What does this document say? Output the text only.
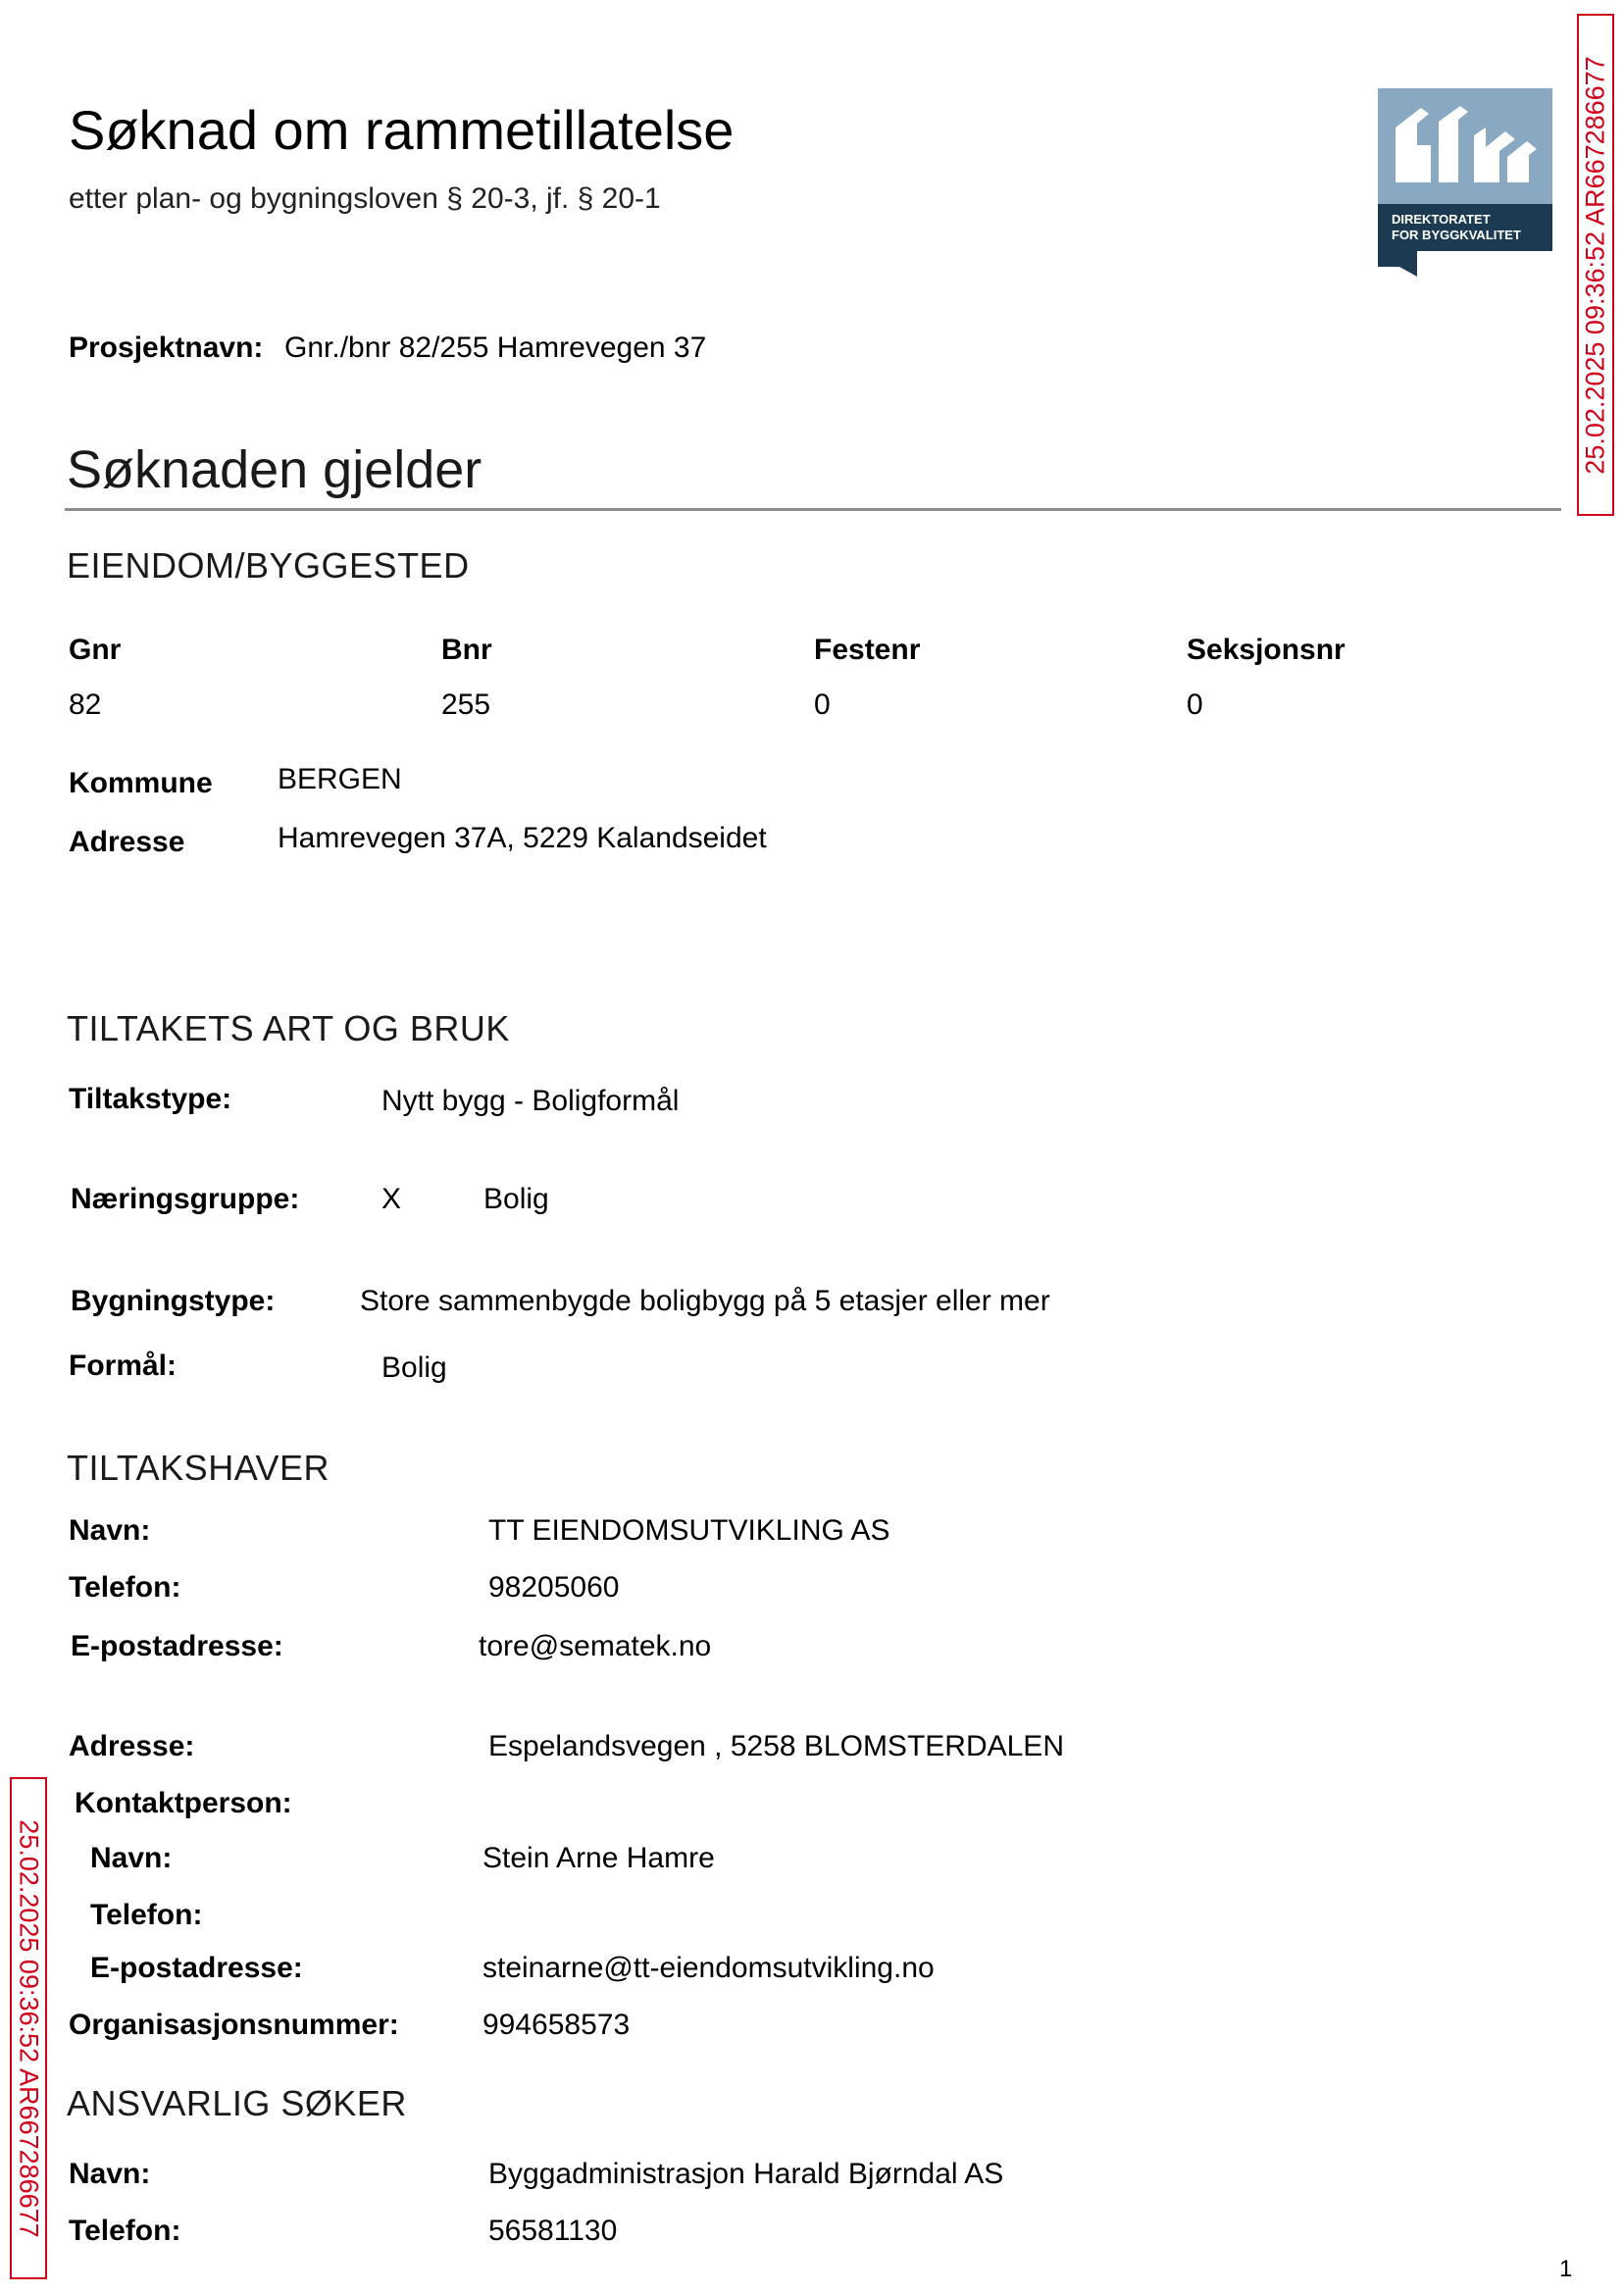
Søknad om rammetillatelse
etter plan- og bygningsloven § 20-3, jf. § 20-1
Prosjektnavn: Gnr./bnr 82/255 Hamrevegen 37
DIREKTORATET
FOR BYGGKVALITET 25.02.2025 09:36:52 AR667286677
25.02.2025 09:36:52 AR667286677
Søknaden gjelder
EIENDOM/BYGGESTED
Gnr	Bnr	Festenr	Seksjonsnr
82	255	0	0
Kommune BERGEN
Adresse	Hamrevegen 37A, 5229 Kalandseidet
TILTAKETS ART OG BRUK
Tiltakstype:	Nytt bygg - Boligformål
Næringsgruppe:	X	Bolig
Bygningstype:	Store sammenbygde boligbygg på 5 etasjer eller mer
Formål:	Bolig
TILTAKSHAVER
Navn:	TT EIENDOMSUTVIKLING AS
Telefon:	98205060
E-postadresse:	tore@sematek.no
Adresse:	Espelandsvegen , 5258 BLOMSTERDALEN
Kontaktperson:
Navn:	Stein Arne Hamre
Telefon:
E-postadresse:	steinarne@tt-eiendomsutvikling.no
Organisasjonsnummer:	994658573
ANSVARLIG SØKER
Navn:	Byggadministrasjon Harald Bjørndal AS
Telefon:	56581130
1
